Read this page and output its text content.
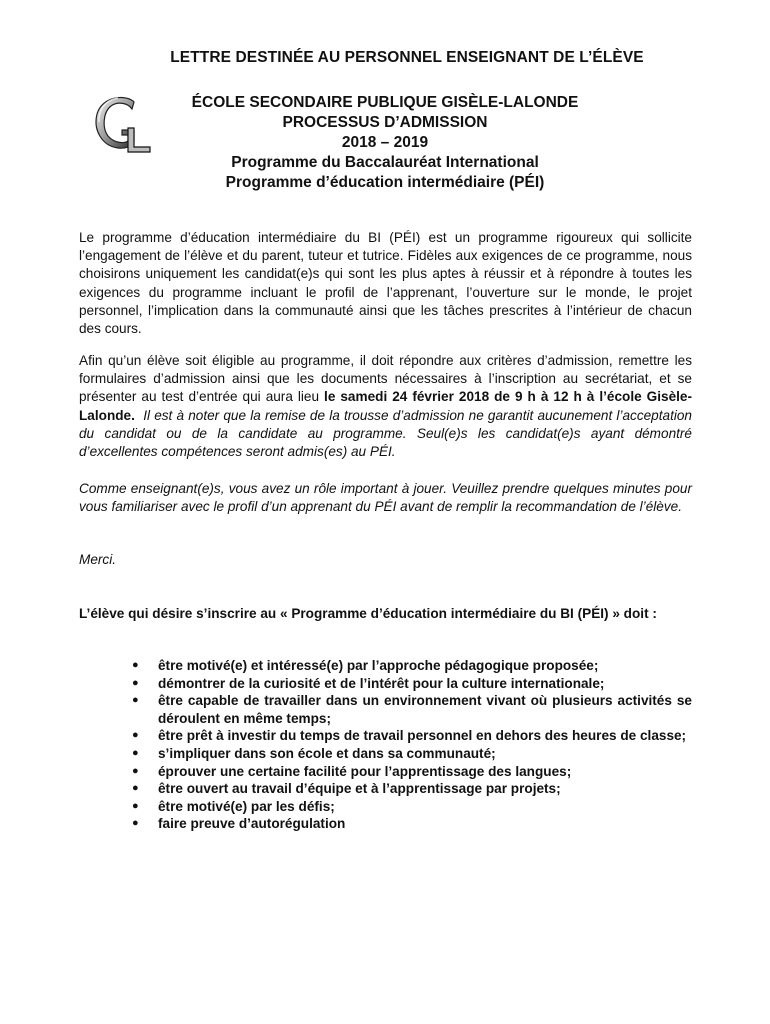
LETTRE DESTINÉE AU PERSONNEL ENSEIGNANT DE L’ÉLÈVE
ÉCOLE SECONDAIRE PUBLIQUE GISÈLE-LALONDE
PROCESSUS D’ADMISSION
2018 – 2019
Programme du Baccalauréat International
Programme d’éducation intermédiaire (PÉI)

Le programme d’éducation intermédiaire du BI (PÉI) est un programme rigoureux qui sollicite l’engagement de l’élève et du parent, tuteur et tutrice. Fidèles aux exigences de ce programme, nous choisirons uniquement les candidat(e)s qui sont les plus aptes à réussir et à répondre à toutes les exigences du programme incluant le profil de l’apprenant, l’ouverture sur le monde, le projet personnel, l’implication dans la communauté ainsi que les tâches prescrites à l’intérieur de chacun des cours.

Afin qu’un élève soit éligible au programme, il doit répondre aux critères d’admission, remettre les formulaires d’admission ainsi que les documents nécessaires à l’inscription au secrétariat, et se présenter au test d’entrée qui aura lieu le samedi 24 février 2018 de 9 h à 12 h à l’école Gisèle-Lalonde. Il est à noter que la remise de la trousse d’admission ne garantit aucunement l’acceptation du candidat ou de la candidate au programme. Seul(e)s les candidat(e)s ayant démontré d’excellentes compétences seront admis(es) au PÉI.

Comme enseignant(e)s, vous avez un rôle important à jouer. Veuillez prendre quelques minutes pour vous familiariser avec le profil d’un apprenant du PÉI avant de remplir la recommandation de l’élève.

Merci.

L’élève qui désire s’inscrire au « Programme d’éducation intermédiaire du BI (PÉI) » doit :

● être motivé(e) et intéressé(e) par l’approche pédagogique proposée;
● démontrer de la curiosité et de l’intérêt pour la culture internationale;
● être capable de travailler dans un environnement vivant où plusieurs activités se déroulent en même temps;
● être prêt à investir du temps de travail personnel en dehors des heures de classe;
● s’impliquer dans son école et dans sa communauté;
● éprouver une certaine facilité pour l’apprentissage des langues;
● être ouvert au travail d’équipe et à l’apprentissage par projets;
● être motivé(e) par les défis;
● faire preuve d’autorégulation
